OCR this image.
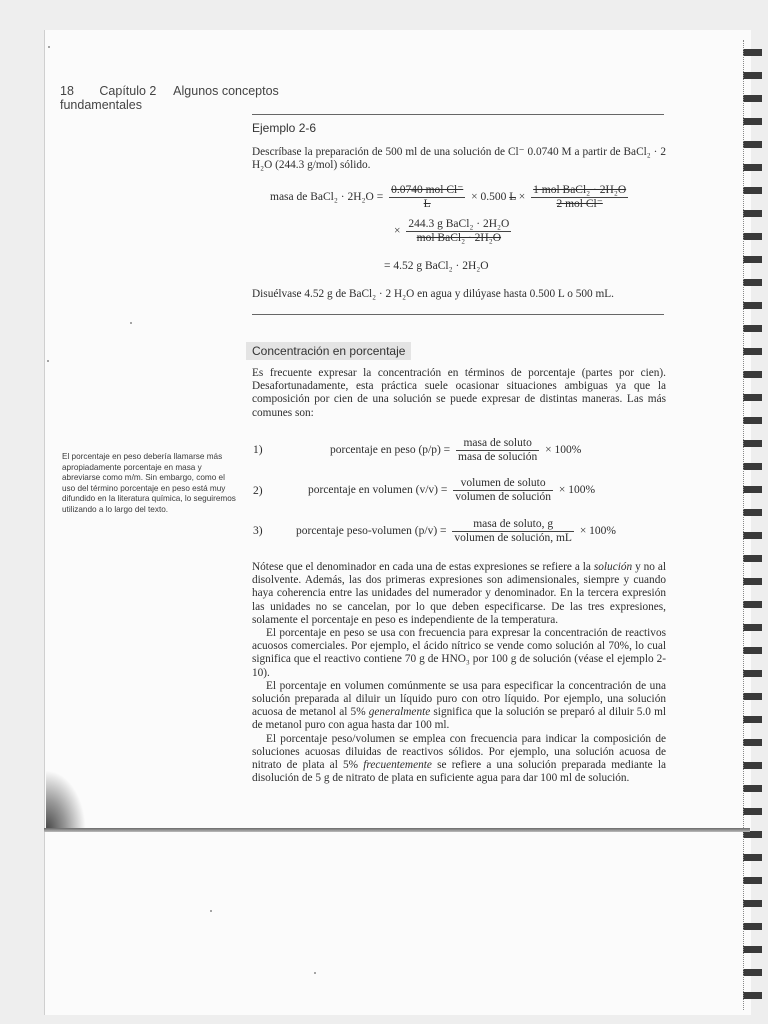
18 Capítulo 2 Algunos conceptos fundamentales
Ejemplo 2-6

Descríbase la preparación de 500 ml de una solución de Cl⁻ 0.0740 M a partir de BaCl₂ · 2 H₂O (244.3 g/mol) sólido.

masa de BaCl₂ · $2H_2O = \frac{\text{0.0740 mol Cl⁻}}{L} \times 0.500$ $L \times \frac{\text{1 mol BaCl₂ · 2H₂O}}{\text{2 mol Cl⁻}}$
× $\frac{\text{244.3 g BaCl₂ · 2H₂O}}{\text{mol BaCl₂ · 2H₂O}}$
= 4.52 g BaCl₂ · 2H₂O

Disuélvase 4.52 g de BaCl₂ · 2 H₂O en agua y dilúyase hasta 0.500 L o 500 mL.

Concentración en porcentaje

Es frecuente expresar la concentración en términos de porcentaje (partes por cien). Desafortunadamente, esta práctica suele ocasionar situaciones ambiguas ya que la composición por cien de una solución se puede expresar de distintas maneras. Las más comunes son:

El porcentaje en peso debería llamarse más apropiadamente porcentaje en masa y abreviarse como m/m. Sin embargo, como el uso del término porcentaje en peso está muy difundido en la literatura química, lo seguiremos utilizando a lo largo del texto.
1)	porcentaje en peso $(p/p) = \frac{\text{masa de soluto}}{\text{masa de solución}} \times 100\%$
2)	porcentaje en volumen $(v/v) = \frac{\text{volumen de soluto}}{\text{volumen de solución}} \times 100\%$
3)	porcentaje peso-volumen $(p/v) = \frac{\text{masa de soluto, g}}{\text{volumen de solución, mL}} \times 100\%$

Nótese que el denominador en cada una de estas expresiones se refiere a la solución y no al disolvente. Además, las dos primeras expresiones son adimensionales, siempre y cuando haya coherencia entre las unidades del numerador y denominador. En la tercera expresión las unidades no se cancelan, por lo que deben especificarse. De las tres expresiones, solamente el porcentaje en peso es independiente de la temperatura.

El porcentaje en peso se usa con frecuencia para expresar la concentración de reactivos acuosos comerciales. Por ejemplo, el ácido nítrico se vende como solución al 70%, lo cual significa que el reactivo contiene 70 g de HNO₃ por 100 g de solución (véase el ejemplo 2-10).

El porcentaje en volumen comúnmente se usa para especificar la concentración de una solución preparada al diluir un líquido puro con otro líquido. Por ejemplo, una solución acuosa de metanol al 5% generalmente significa que la solución se preparó al diluir 5.0 ml de metanol puro con agua hasta dar 100 ml.

El porcentaje peso/volumen se emplea con frecuencia para indicar la composición de soluciones acuosas diluidas de reactivos sólidos. Por ejemplo, una solución acuosa de nitrato de plata al 5% frecuentemente se refiere a una solución preparada mediante la disolución de 5 g de nitrato de plata en suficiente agua para dar 100 ml de solución.
